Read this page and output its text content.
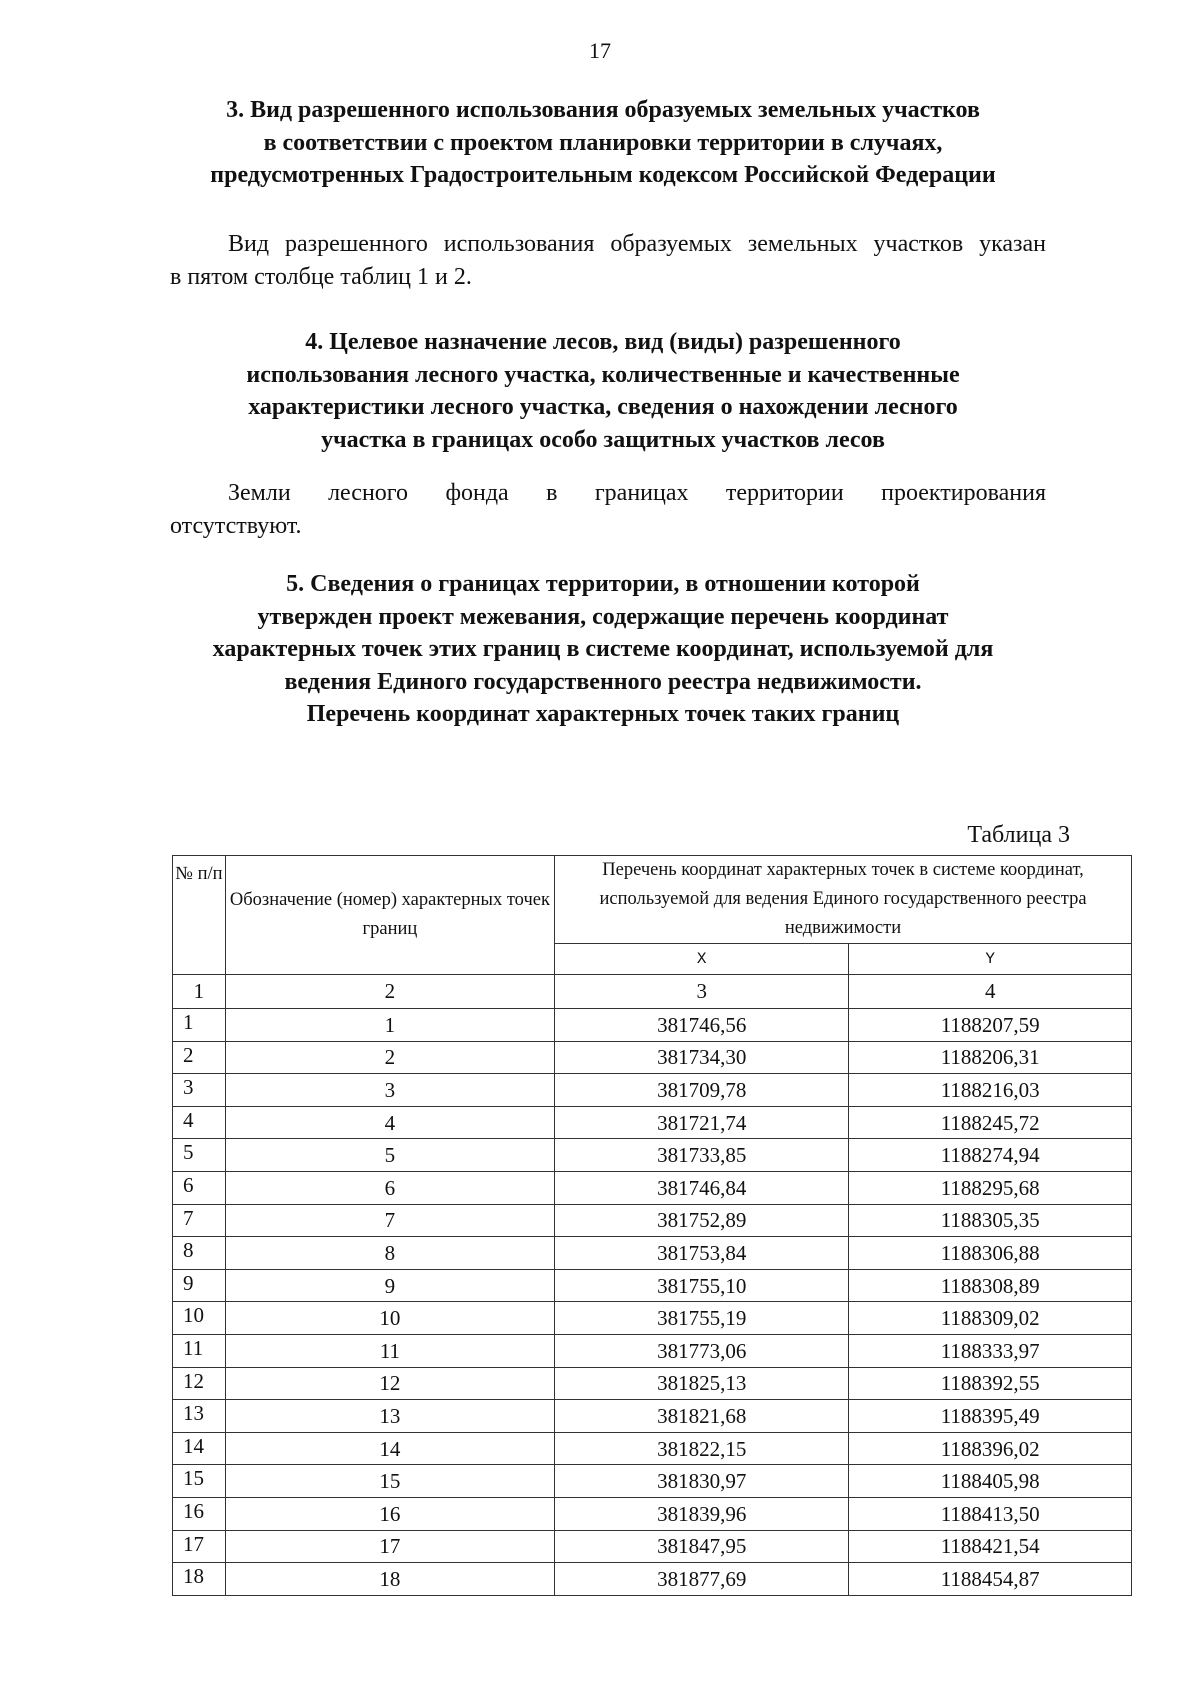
17
3. Вид разрешенного использования образуемых земельных участков
в соответствии с проектом планировки территории в случаях,
предусмотренных Градостроительным кодексом Российской Федерации
Вид разрешенного использования образуемых земельных участков указан
в пятом столбце таблиц 1 и 2.
4. Целевое назначение лесов, вид (виды) разрешенного
использования лесного участка, количественные и качественные
характеристики лесного участка, сведения о нахождении лесного
участка в границах особо защитных участков лесов
Земли лесного фонда в границах территории проектирования
отсутствуют.
5. Сведения о границах территории, в отношении которой
утвержден проект межевания, содержащие перечень координат
характерных точек этих границ в системе координат, используемой для
ведения Единого государственного реестра недвижимости.
Перечень координат характерных точек таких границ
Таблица 3
№ п/п	Обозначение (номер) характерных точек границ	Перечень координат характерных точек в системе координат, используемой для ведения Единого государственного реестра недвижимости	
		X	Y
1	2	3	4
1	1	381746,56	1188207,59
2	2	381734,30	1188206,31
3	3	381709,78	1188216,03
4	4	381721,74	1188245,72
5	5	381733,85	1188274,94
6	6	381746,84	1188295,68
7	7	381752,89	1188305,35
8	8	381753,84	1188306,88
9	9	381755,10	1188308,89
10	10	381755,19	1188309,02
11	11	381773,06	1188333,97
12	12	381825,13	1188392,55
13	13	381821,68	1188395,49
14	14	381822,15	1188396,02
15	15	381830,97	1188405,98
16	16	381839,96	1188413,50
17	17	381847,95	1188421,54
18	18	381877,69	1188454,87
